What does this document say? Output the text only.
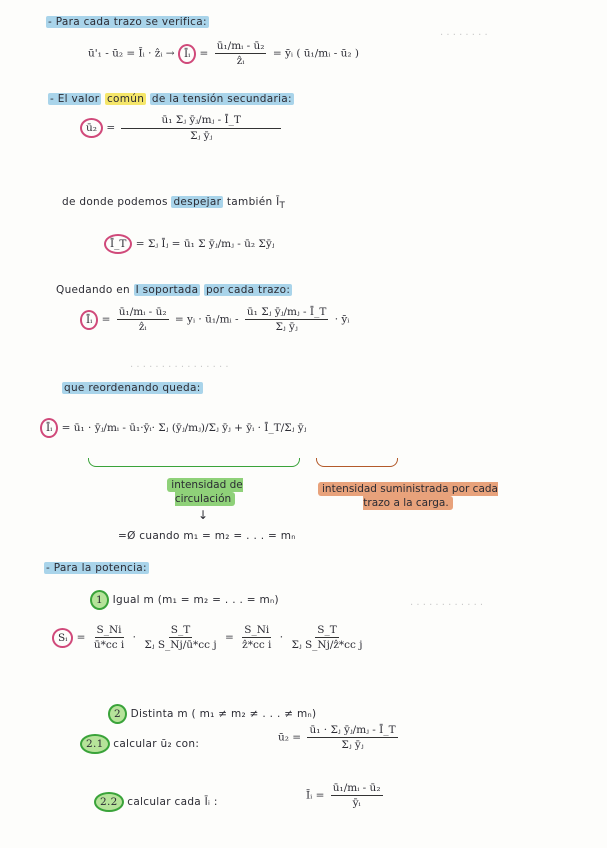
· · · · · · · ·
· · · · · · · · · · · · · · · ·
· · · · · · · · · · · ·
- Para cada trazo se verifica:
ū'₁ - ū₂ = Īᵢ · ẑᵢ → Īᵢ = $\frac{\text{ū₁/mᵢ - ū₂}}{\text{ẑᵢ}}$ = ȳᵢ ( ū₁/mᵢ - ū₂ )
- El valor común de la tensión secundaria:
ū₂ = $\frac{\text{ū₁ Σⱼ ȳⱼ/mⱼ - Ī\_T}}{\text{Σⱼ ȳⱼ}}$
de donde podemos despejar también $Ī_T$
Ī_T = Σⱼ Īⱼ = ū₁ Σ ȳⱼ/mⱼ - ū₂ Σȳⱼ
Quedando en I soportada por cada trazo:
Īᵢ = $\frac{\text{ū₁/mᵢ - ū₂}}{\text{ẑᵢ}}$ = yᵢ · ū₁/mᵢ - $\frac{\text{ū₁ Σⱼ ȳⱼ/mⱼ - Ī\_T}}{\text{Σⱼ ȳⱼ}}$ · ȳᵢ
que reordenando queda:
Īᵢ = ū₁ · ȳⱼ/mᵢ - ū₁·ȳᵢ· Σⱼ (ȳⱼ/mⱼ)/Σⱼ ȳⱼ + ȳᵢ · Ī_T/Σⱼ ȳⱼ
intensidad de circulación
intensidad suministrada por cada trazo a la carga.
↓
=Ø cuando m₁ = m₂ = . . . = mₙ
- Para la potencia:
1 Igual m (m₁ = m₂ = . . . = mₙ)
Sᵢ = $\frac{S\_Ni}{\text{ū*cc i}} \cdot \frac{S\_T}{\text{Σⱼ S\_Nj/ū*cc j}} = \frac{S\_Ni}{\text{ẑ*cc i}} \cdot \frac{S\_T}{\text{Σⱼ S\_Nj/ẑ*cc j}}$
2 Distinta m ( m₁ ≠ m₂ ≠ . . . ≠ mₙ)
2.1 calcular ū₂ con:
ū₂ = $\frac{\text{ū₁ · Σⱼ ȳⱼ/mⱼ - Ī\_T}}{\text{Σⱼ ȳⱼ}}$
2.2 calcular cada Īᵢ :
Īᵢ = $\frac{\text{ū₁/mᵢ - ū₂}}{\text{ȳᵢ}}$
